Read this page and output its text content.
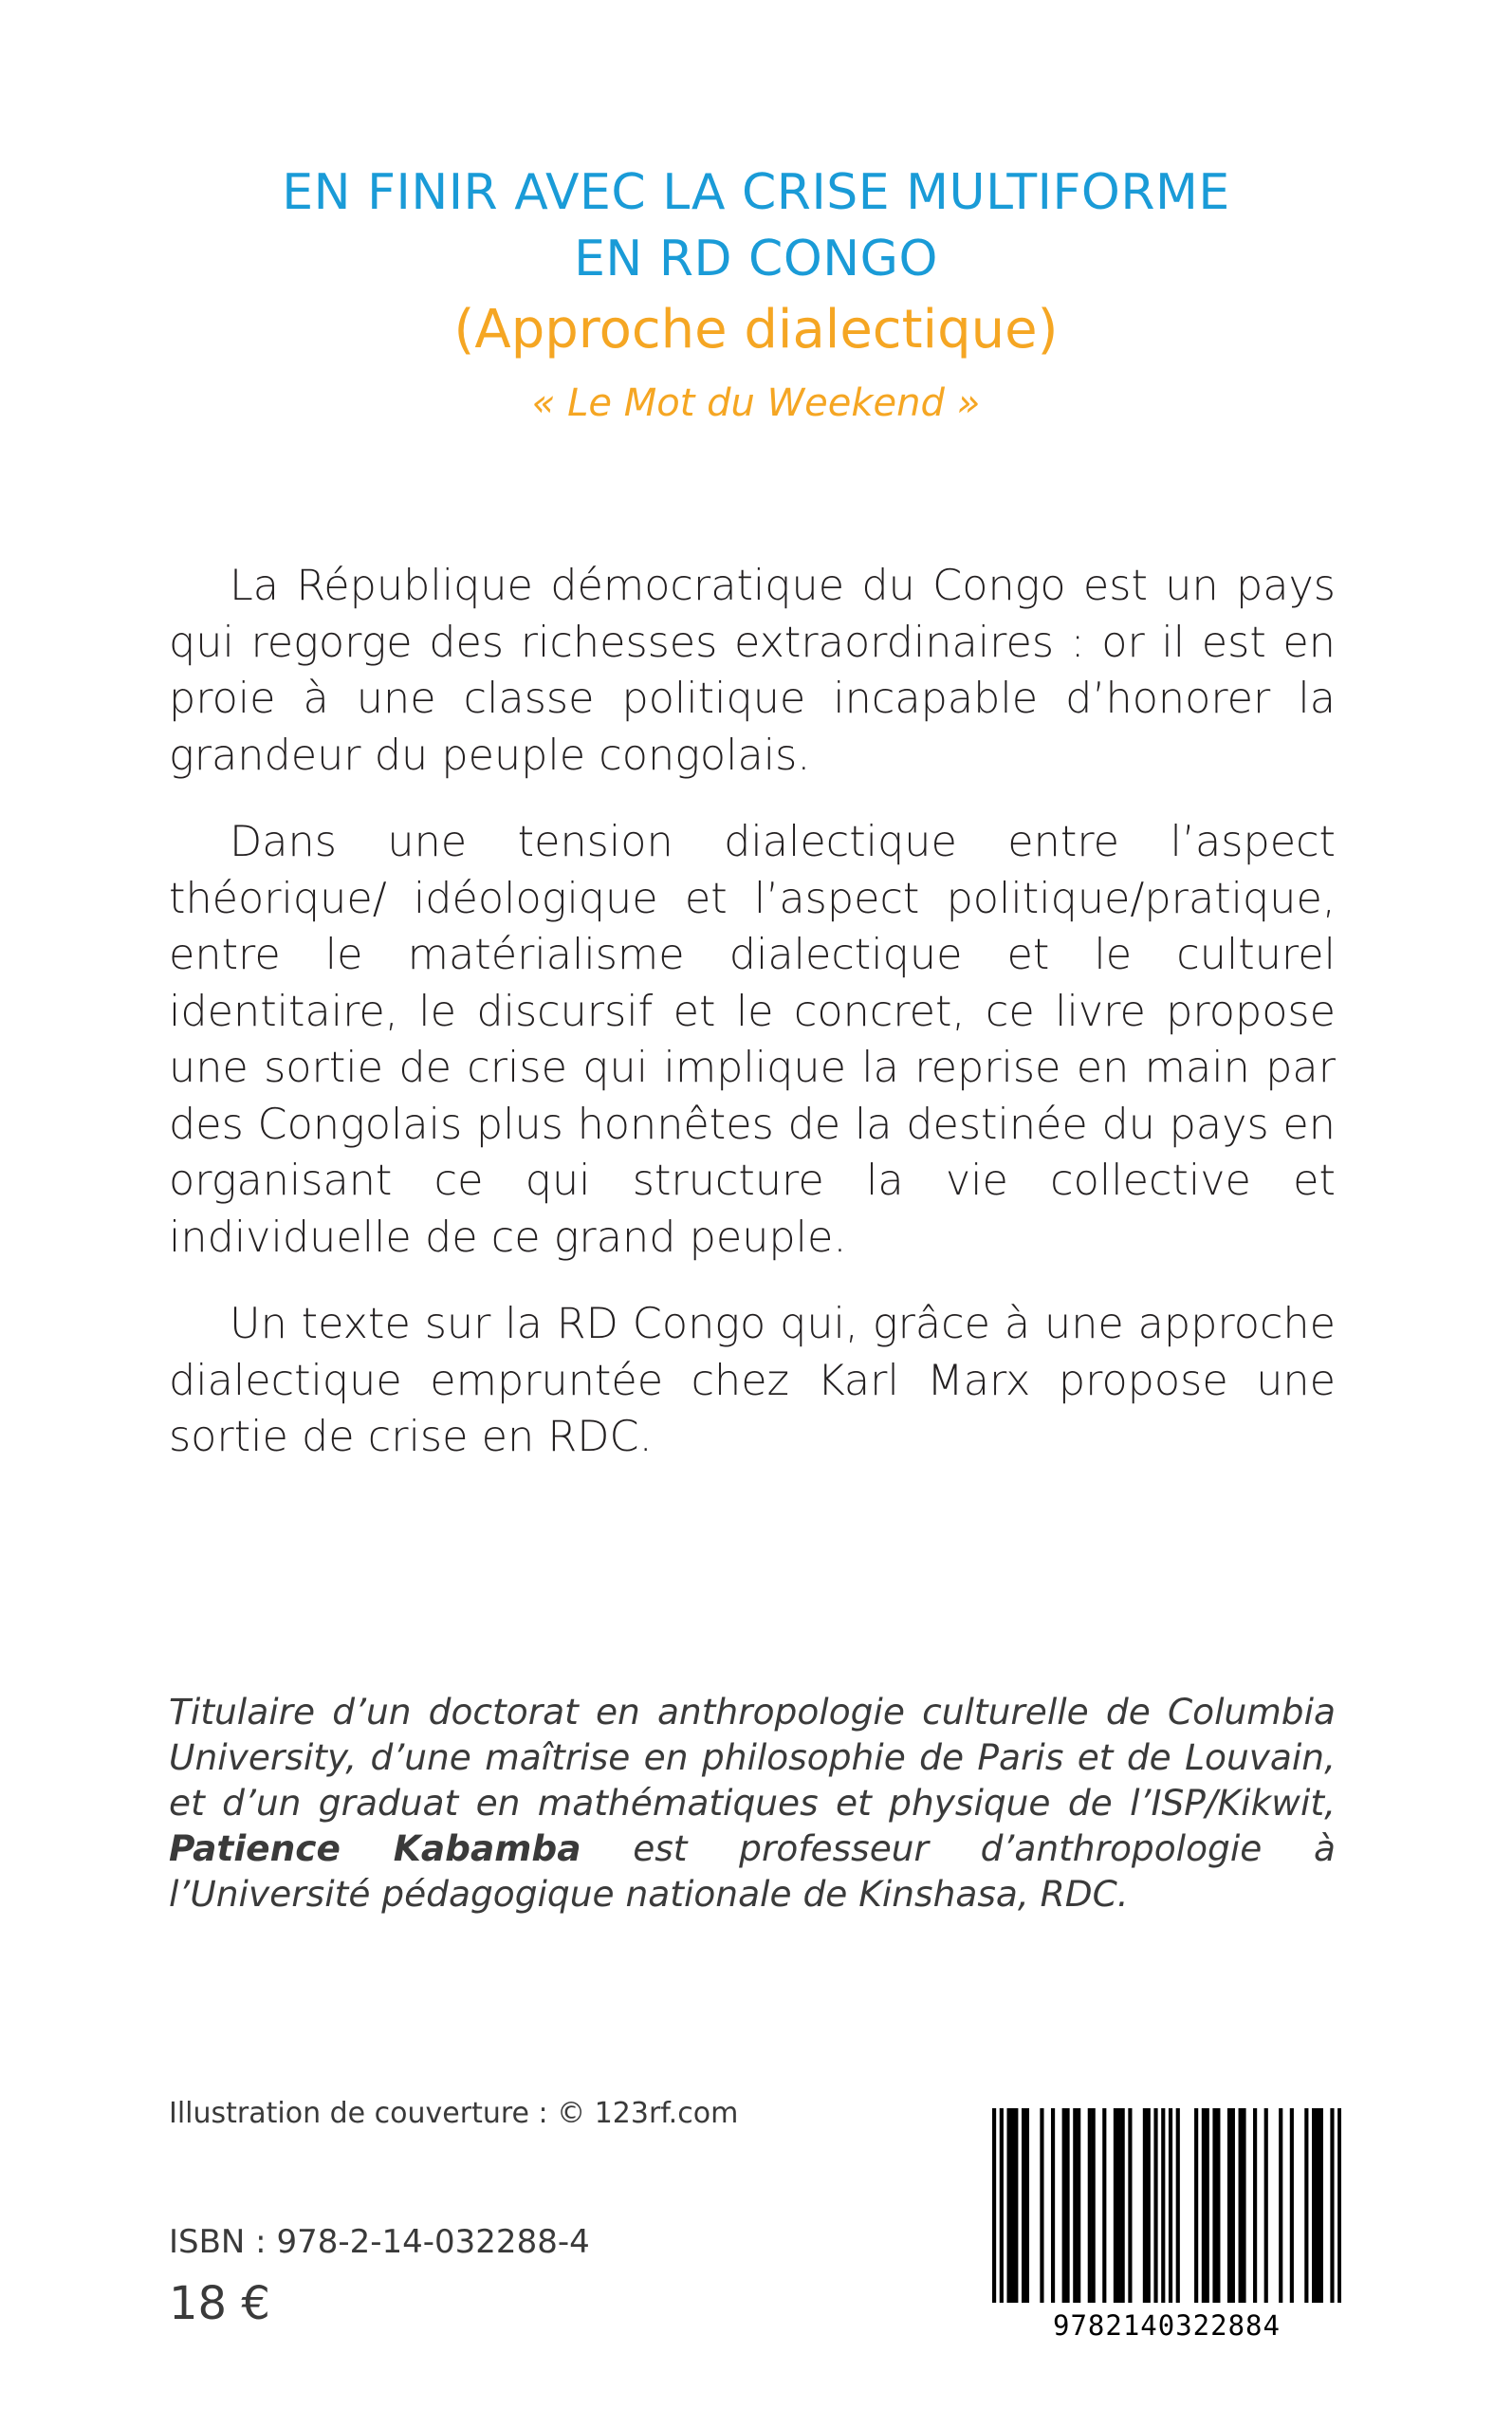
EN FINIR AVEC LA CRISE MULTIFORME
EN RD CONGO
(Approche dialectique)
« Le Mot du Weekend »

La République démocratique du Congo est un pays qui regorge des richesses extraordinaires : or il est en proie à une classe politique incapable d’honorer la grandeur du peuple congolais.

Dans une tension dialectique entre l’aspect théorique/ idéologique et l’aspect politique/pratique, entre le matérialisme dialectique et le culturel identitaire, le discursif et le concret, ce livre propose une sortie de crise qui implique la reprise en main par des Congolais plus honnêtes de la destinée du pays en organisant ce qui structure la vie collective et individuelle de ce grand peuple.

Un texte sur la RD Congo qui, grâce à une approche dialectique empruntée chez Karl Marx propose une sortie de crise en RDC.

Titulaire d’un doctorat en anthropologie culturelle de Columbia University, d’une maîtrise en philosophie de Paris et de Louvain, et d’un graduat en mathématiques et physique de l’ISP/Kikwit, Patience Kabamba est professeur d’anthropologie à l’Université pédagogique nationale de Kinshasa, RDC.
Illustration de couverture : © 123rf.com
ISBN : 978-2-14-032288-4
18 €	9782140322884
